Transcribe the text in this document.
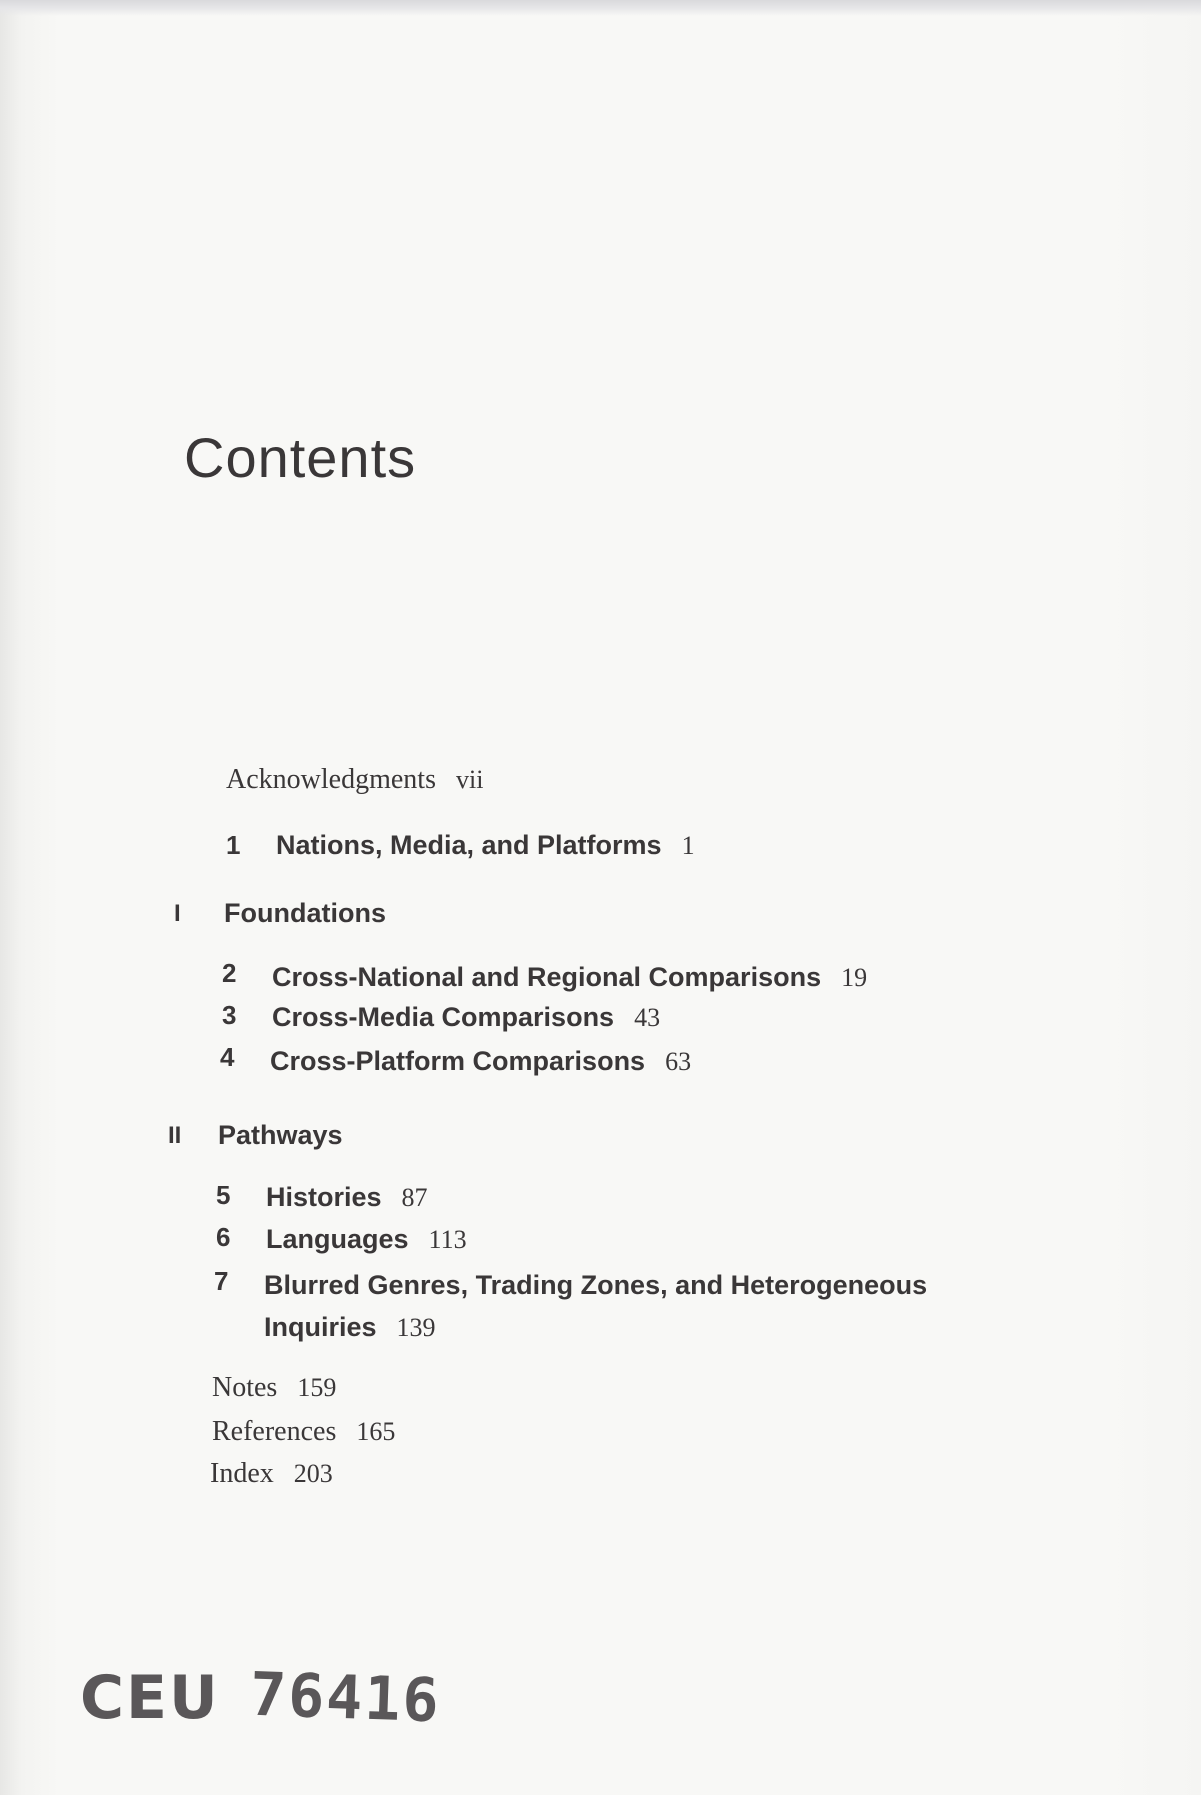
Contents
Acknowledgments vii
1 Nations, Media, and Platforms 1
I Foundations
2 Cross-National and Regional Comparisons 19
3 Cross-Media Comparisons 43
4 Cross-Platform Comparisons 63
II Pathways
5 Histories 87
6 Languages 113
7 Blurred Genres, Trading Zones, and Heterogeneous
Inquiries 139
Notes 159
References 165
Index 203
CEU 76416
